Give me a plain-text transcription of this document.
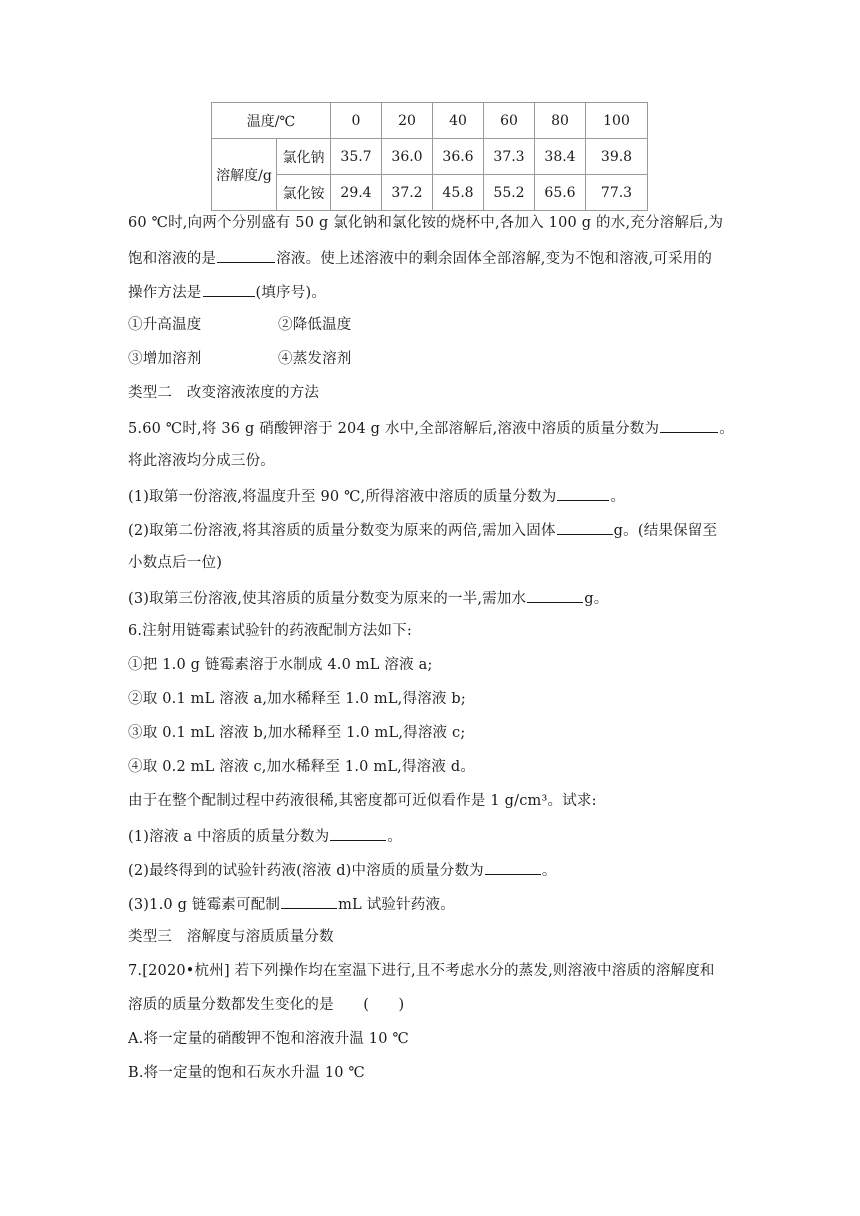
温度/℃		0	20	40	60	80	100
溶解度/g	氯化钠	35.7	36.0	36.6	37.3	38.4	39.8
	氯化铵	29.4	37.2	45.8	55.2	65.6	77.3
60 ℃时,向两个分别盛有 50 g 氯化钠和氯化铵的烧杯中,各加入 100 g 的水,充分溶解后,为
饱和溶液的是	溶液。使上述溶液中的剩余固体全部溶解,变为不饱和溶液,可采用的
操作方法是	(填序号)。
①升高温度	②降低温度
③增加溶剂	④蒸发溶剂
类型二　改变溶液浓度的方法
5.60 ℃时,将 36 g 硝酸钾溶于 204 g 水中,全部溶解后,溶液中溶质的质量分数为	。
将此溶液均分成三份。
(1)取第一份溶液,将温度升至 90 ℃,所得溶液中溶质的质量分数为	。
(2)取第二份溶液,将其溶质的质量分数变为原来的两倍,需加入固体	g。(结果保留至
小数点后一位)
(3)取第三份溶液,使其溶质的质量分数变为原来的一半,需加水	g。
6.注射用链霉素试验针的药液配制方法如下:
①把 1.0 g 链霉素溶于水制成 4.0 mL 溶液 a;
②取 0.1 mL 溶液 a,加水稀释至 1.0 mL,得溶液 b;
③取 0.1 mL 溶液 b,加水稀释至 1.0 mL,得溶液 c;
④取 0.2 mL 溶液 c,加水稀释至 1.0 mL,得溶液 d。
由于在整个配制过程中药液很稀,其密度都可近似看作是 1 g/cm³。试求:
(1)溶液 a 中溶质的质量分数为	。
(2)最终得到的试验针药液(溶液 d)中溶质的质量分数为	。
(3)1.0 g 链霉素可配制	mL 试验针药液。
类型三　溶解度与溶质质量分数
7.[2020•杭州] 若下列操作均在室温下进行,且不考虑水分的蒸发,则溶液中溶质的溶解度和
溶质的质量分数都发生变化的是　　(　　)
A.将一定量的硝酸钾不饱和溶液升温 10 ℃
B.将一定量的饱和石灰水升温 10 ℃
